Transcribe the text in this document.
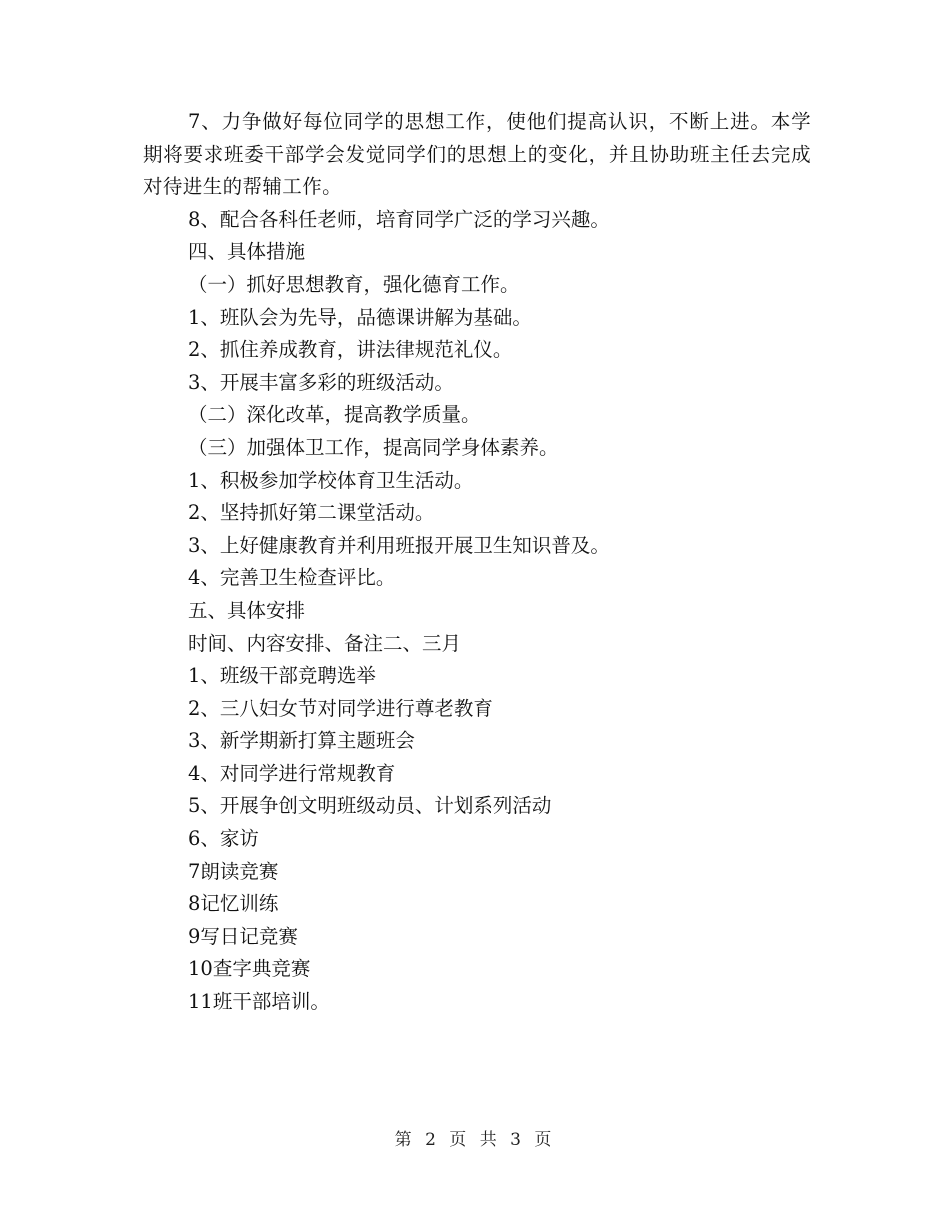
7、力争做好每位同学的思想工作，使他们提高认识，不断上进。本学期将要求班委干部学会发觉同学们的思想上的变化，并且协助班主任去完成对待进生的帮辅工作。

8、配合各科任老师，培育同学广泛的学习兴趣。

四、具体措施

（一）抓好思想教育，强化德育工作。

1、班队会为先导，品德课讲解为基础。

2、抓住养成教育，讲法律规范礼仪。

3、开展丰富多彩的班级活动。

（二）深化改革，提高教学质量。

（三）加强体卫工作，提高同学身体素养。

1、积极参加学校体育卫生活动。

2、坚持抓好第二课堂活动。

3、上好健康教育并利用班报开展卫生知识普及。

4、完善卫生检查评比。

五、具体安排

时间、内容安排、备注二、三月

1、班级干部竞聘选举

2、三八妇女节对同学进行尊老教育

3、新学期新打算主题班会

4、对同学进行常规教育

5、开展争创文明班级动员、计划系列活动

6、家访

7朗读竞赛

8记忆训练

9写日记竞赛

10查字典竞赛

11班干部培训。

第 2 页 共 3 页
